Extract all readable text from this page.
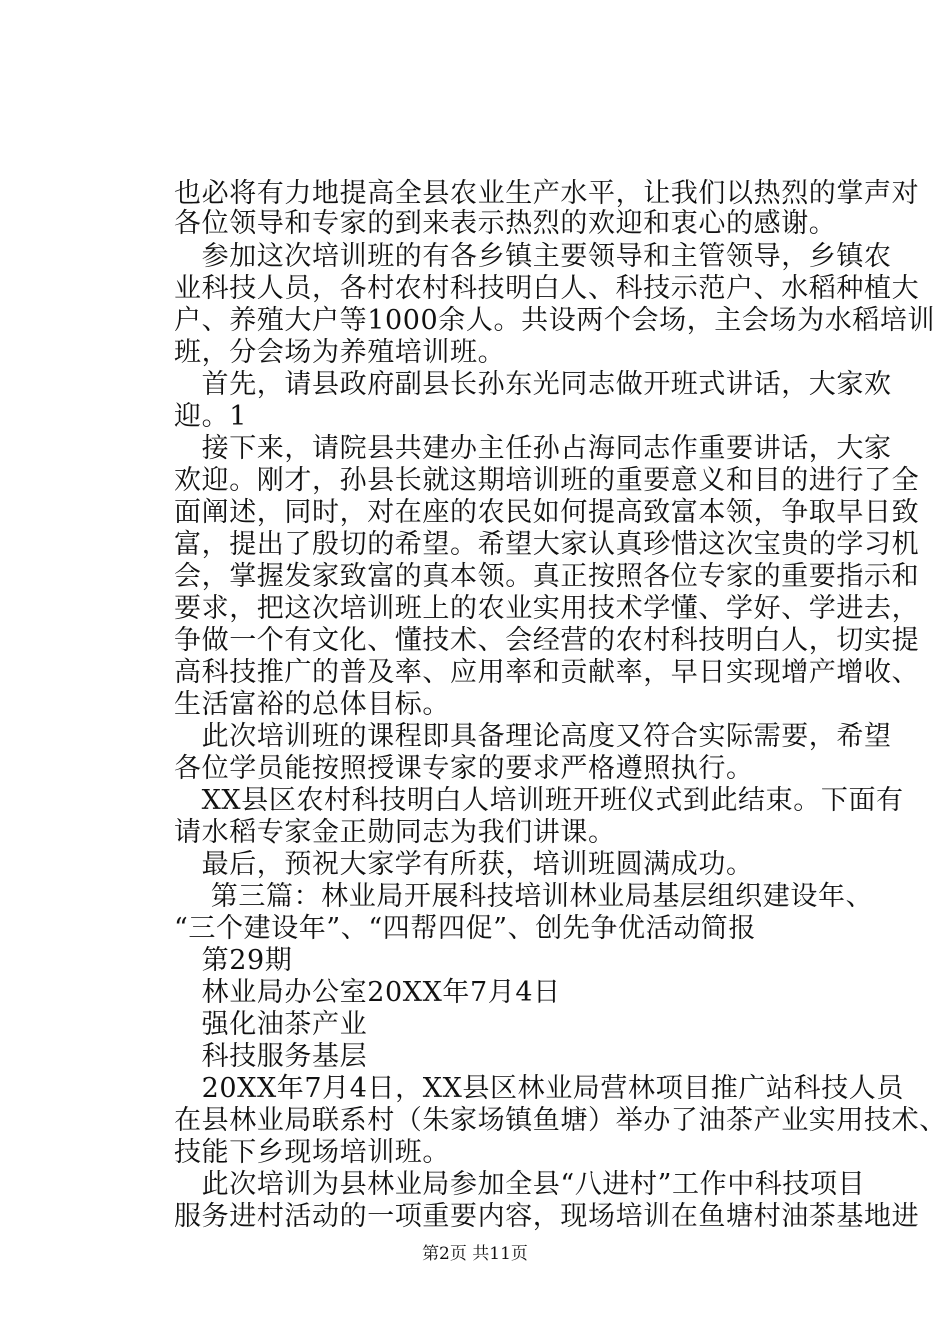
也必将有力地提高全县农业生产水平，让我们以热烈的掌声对
各位领导和专家的到来表示热烈的欢迎和衷心的感谢。
　参加这次培训班的有各乡镇主要领导和主管领导，乡镇农
业科技人员，各村农村科技明白人、科技示范户、水稻种植大
户、养殖大户等1000余人。共设两个会场，主会场为水稻培训
班，分会场为养殖培训班。
　首先，请县政府副县长孙东光同志做开班式讲话，大家欢
迎。1
　接下来，请院县共建办主任孙占海同志作重要讲话，大家
欢迎。刚才，孙县长就这期培训班的重要意义和目的进行了全
面阐述，同时，对在座的农民如何提高致富本领，争取早日致
富，提出了殷切的希望。希望大家认真珍惜这次宝贵的学习机
会，掌握发家致富的真本领。真正按照各位专家的重要指示和
要求，把这次培训班上的农业实用技术学懂、学好、学进去，
争做一个有文化、懂技术、会经营的农村科技明白人，切实提
高科技推广的普及率、应用率和贡献率，早日实现增产增收、
生活富裕的总体目标。
　此次培训班的课程即具备理论高度又符合实际需要，希望
各位学员能按照授课专家的要求严格遵照执行。
　XX县区农村科技明白人培训班开班仪式到此结束。下面有
请水稻专家金正勋同志为我们讲课。
　最后，预祝大家学有所获，培训班圆满成功。
　 第三篇：林业局开展科技培训林业局基层组织建设年、
“三个建设年”、“四帮四促”、创先争优活动简报
　第29期
　林业局办公室20XX年7月4日
　强化油茶产业
　科技服务基层
　20XX年7月4日，XX县区林业局营林项目推广站科技人员
在县林业局联系村（朱家场镇鱼塘）举办了油茶产业实用技术、
技能下乡现场培训班。
　此次培训为县林业局参加全县“八进村”工作中科技项目
服务进村活动的一项重要内容，现场培训在鱼塘村油茶基地进
第2页 共11页
